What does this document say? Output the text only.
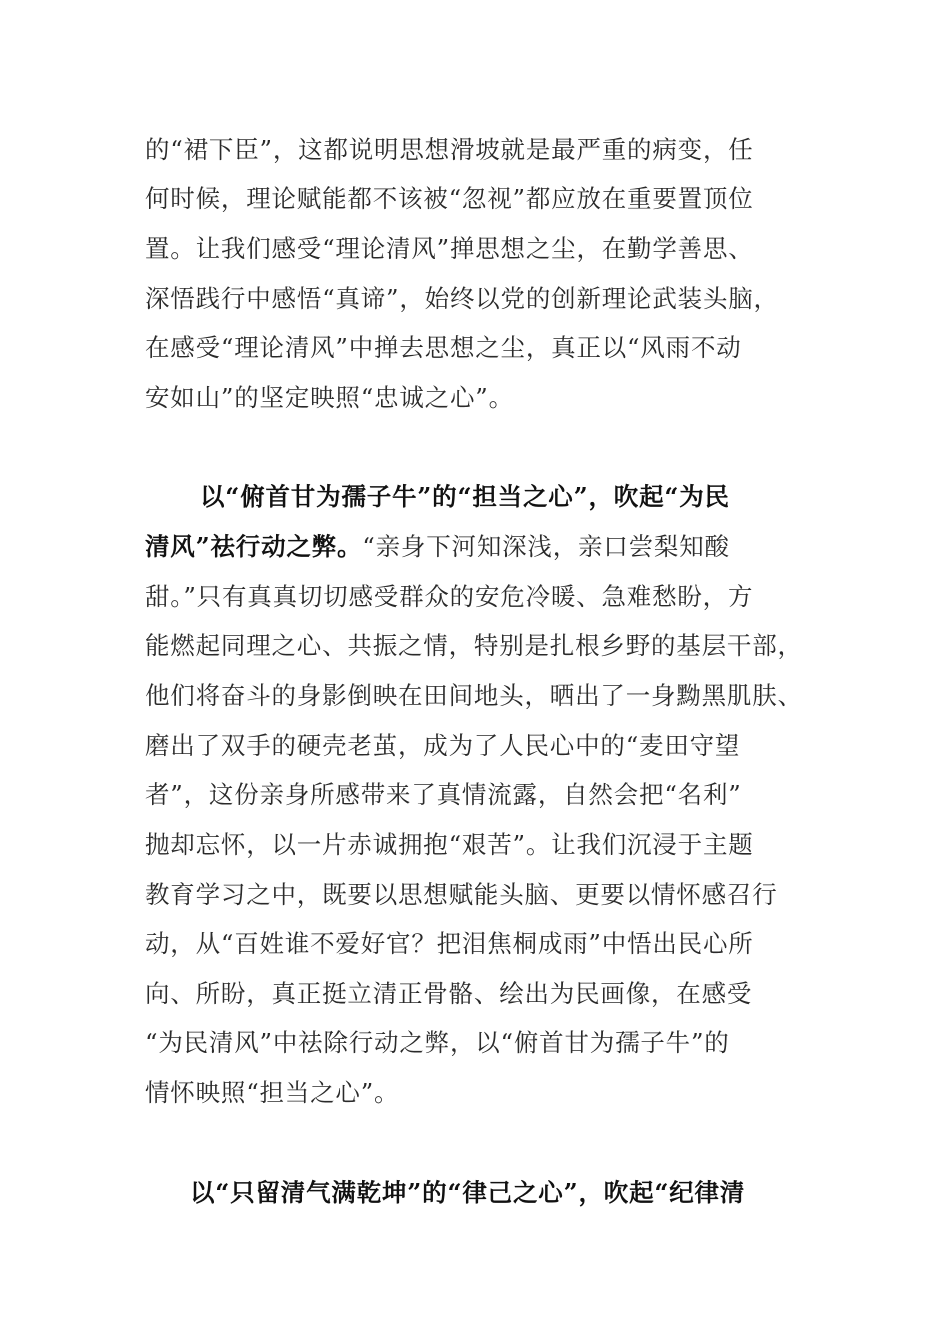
的“裙下臣”，这都说明思想滑坡就是最严重的病变，任
何时候，理论赋能都不该被“忽视”都应放在重要置顶位
置。让我们感受“理论清风”掸思想之尘，在勤学善思、
深悟践行中感悟“真谛”，始终以党的创新理论武装头脑，
在感受“理论清风”中掸去思想之尘，真正以“风雨不动
安如山”的坚定映照“忠诚之心”。
以“俯首甘为孺子牛”的“担当之心”，吹起“为民
清风”祛行动之弊。“亲身下河知深浅，亲口尝梨知酸
甜。”只有真真切切感受群众的安危冷暖、急难愁盼，方
能燃起同理之心、共振之情，特别是扎根乡野的基层干部，
他们将奋斗的身影倒映在田间地头，晒出了一身黝黑肌肤、
磨出了双手的硬壳老茧，成为了人民心中的“麦田守望
者”，这份亲身所感带来了真情流露，自然会把“名利”
抛却忘怀，以一片赤诚拥抱“艰苦”。让我们沉浸于主题
教育学习之中，既要以思想赋能头脑、更要以情怀感召行
动，从“百姓谁不爱好官？把泪焦桐成雨”中悟出民心所
向、所盼，真正挺立清正骨骼、绘出为民画像，在感受
“为民清风”中祛除行动之弊，以“俯首甘为孺子牛”的
情怀映照“担当之心”。
以“只留清气满乾坤”的“律己之心”，吹起“纪律清
